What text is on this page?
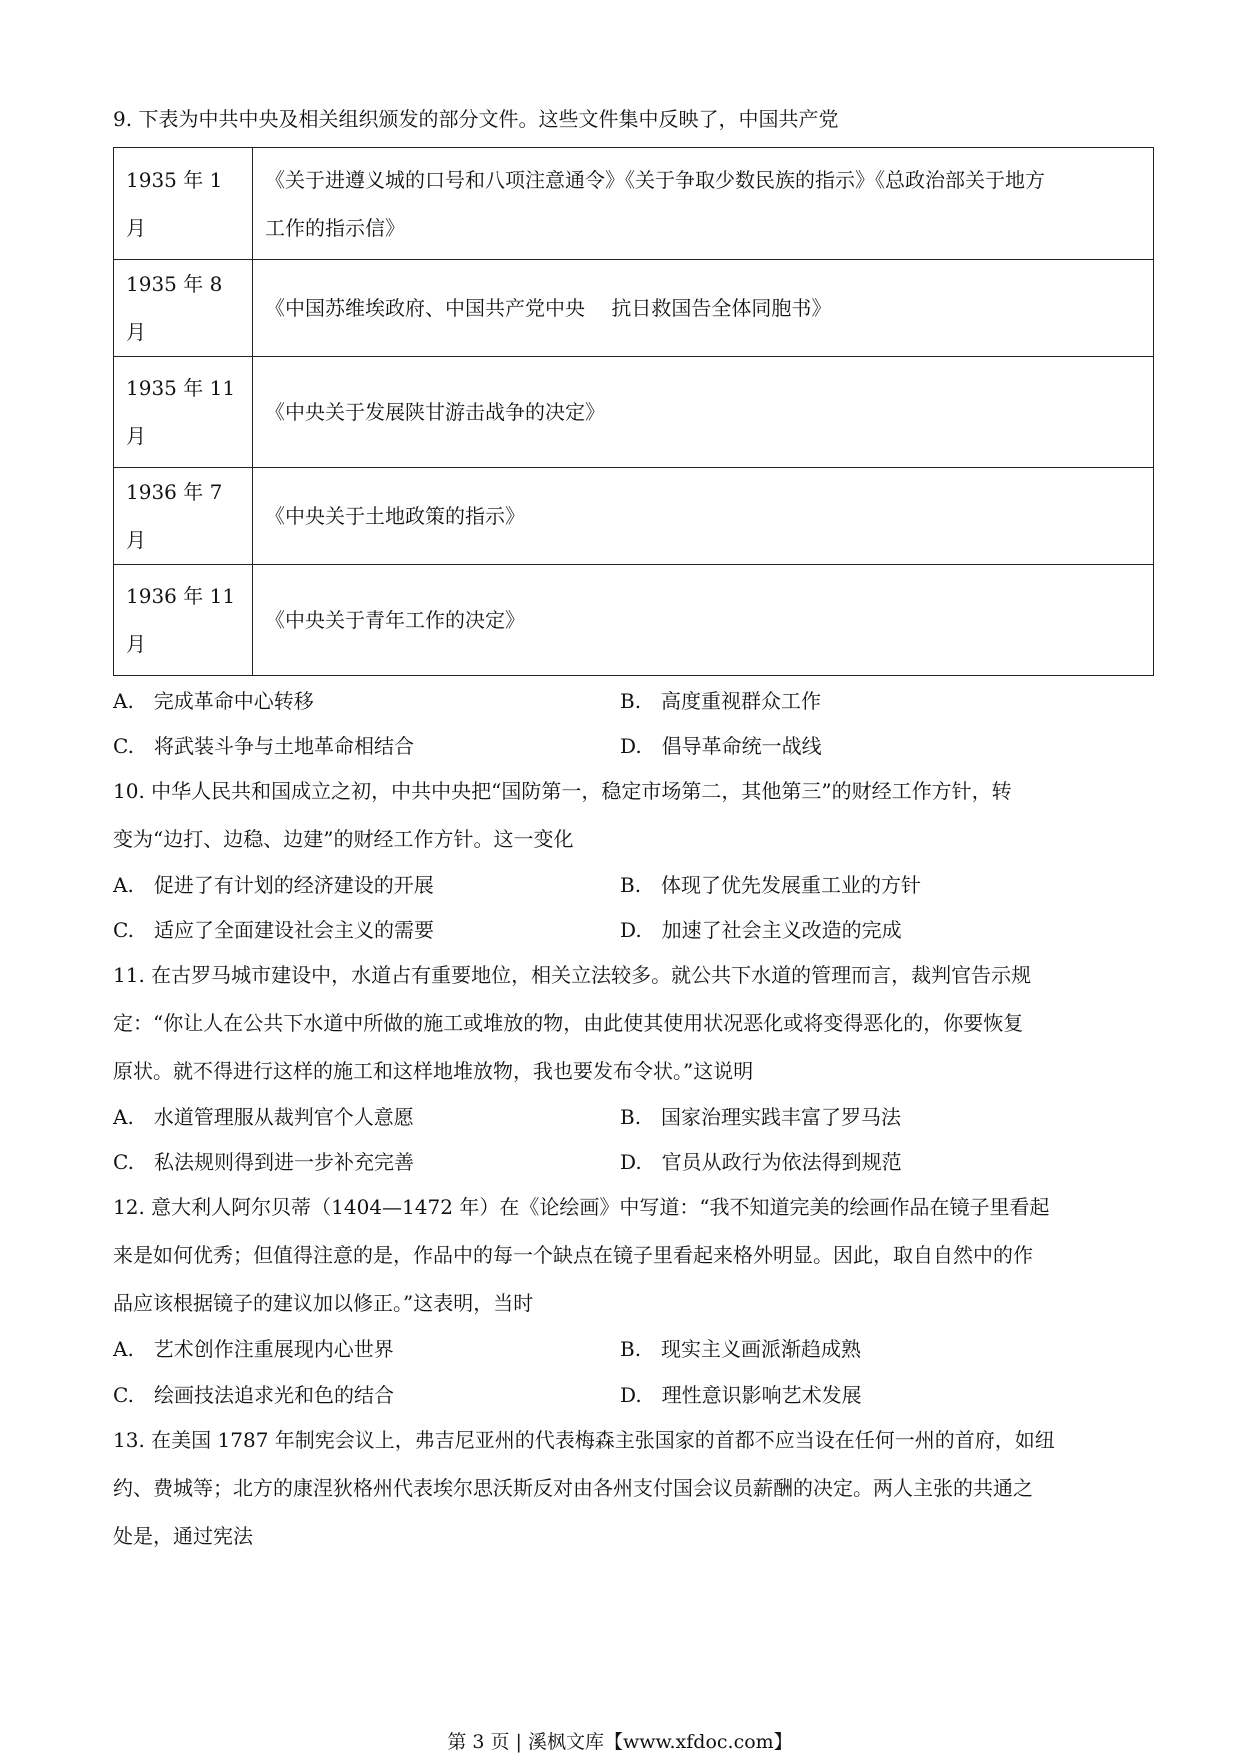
9. 下表为中共中央及相关组织颁发的部分文件。这些文件集中反映了，中国共产党
1935 年 1 月	《关于进遵义城的口号和八项注意通令》《关于争取少数民族的指示》《总政治部关于地方
工作的指示信》
1935 年 8 月	《中国苏维埃政府、中国共产党中央　 抗日救国告全体同胞书》
1935 年 11
月	《中央关于发展陕甘游击战争的决定》
1936 年 7 月	《中央关于土地政策的指示》
1936 年 11
月	《中央关于青年工作的决定》
A.　完成革命中心转移	B.　高度重视群众工作
C.　将武装斗争与土地革命相结合	D.　倡导革命统一战线
10. 中华人民共和国成立之初，中共中央把“国防第一，稳定市场第二，其他第三”的财经工作方针，转
变为“边打、边稳、边建”的财经工作方针。这一变化
A.　促进了有计划的经济建设的开展	B.　体现了优先发展重工业的方针
C.　适应了全面建设社会主义的需要	D.　加速了社会主义改造的完成
11. 在古罗马城市建设中，水道占有重要地位，相关立法较多。就公共下水道的管理而言，裁判官告示规
定：“你让人在公共下水道中所做的施工或堆放的物，由此使其使用状况恶化或将变得恶化的，你要恢复
原状。就不得进行这样的施工和这样地堆放物，我也要发布令状。”这说明
A.　水道管理服从裁判官个人意愿	B.　国家治理实践丰富了罗马法
C.　私法规则得到进一步补充完善	D.　官员从政行为依法得到规范
12. 意大利人阿尔贝蒂（1404—1472 年）在《论绘画》中写道：“我不知道完美的绘画作品在镜子里看起
来是如何优秀；但值得注意的是，作品中的每一个缺点在镜子里看起来格外明显。因此，取自自然中的作
品应该根据镜子的建议加以修正。”这表明，当时
A.　艺术创作注重展现内心世界	B.　现实主义画派渐趋成熟
C.　绘画技法追求光和色的结合	D.　理性意识影响艺术发展
13. 在美国 1787 年制宪会议上，弗吉尼亚州的代表梅森主张国家的首都不应当设在任何一州的首府，如纽
约、费城等；北方的康涅狄格州代表埃尔思沃斯反对由各州支付国会议员薪酬的决定。两人主张的共通之
处是，通过宪法
第 3 页 | 溪枫文库【www.xfdoc.com】
